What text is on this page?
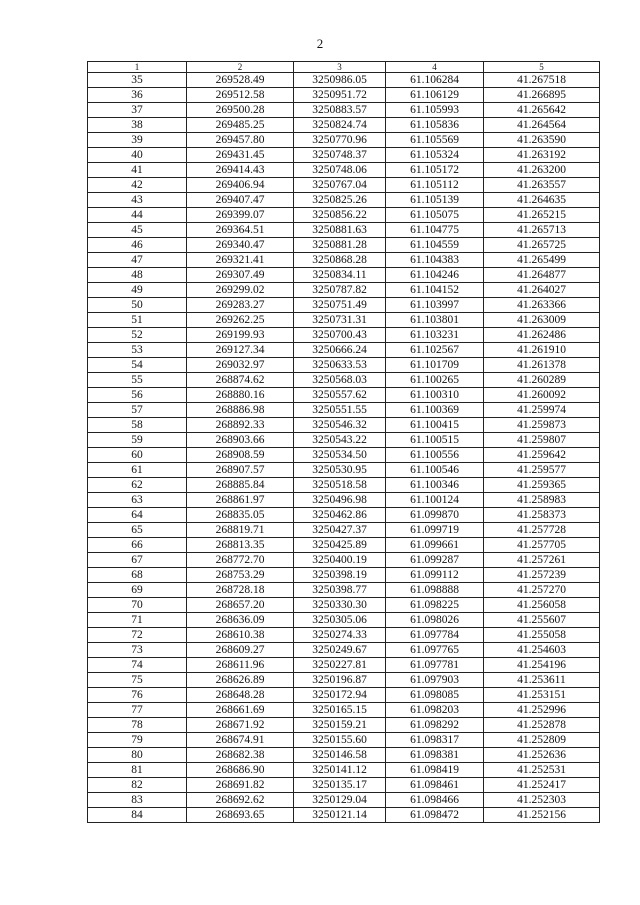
2
1	2	3	4	5
35	269528.49	3250986.05	61.106284	41.267518
36	269512.58	3250951.72	61.106129	41.266895
37	269500.28	3250883.57	61.105993	41.265642
38	269485.25	3250824.74	61.105836	41.264564
39	269457.80	3250770.96	61.105569	41.263590
40	269431.45	3250748.37	61.105324	41.263192
41	269414.43	3250748.06	61.105172	41.263200
42	269406.94	3250767.04	61.105112	41.263557
43	269407.47	3250825.26	61.105139	41.264635
44	269399.07	3250856.22	61.105075	41.265215
45	269364.51	3250881.63	61.104775	41.265713
46	269340.47	3250881.28	61.104559	41.265725
47	269321.41	3250868.28	61.104383	41.265499
48	269307.49	3250834.11	61.104246	41.264877
49	269299.02	3250787.82	61.104152	41.264027
50	269283.27	3250751.49	61.103997	41.263366
51	269262.25	3250731.31	61.103801	41.263009
52	269199.93	3250700.43	61.103231	41.262486
53	269127.34	3250666.24	61.102567	41.261910
54	269032.97	3250633.53	61.101709	41.261378
55	268874.62	3250568.03	61.100265	41.260289
56	268880.16	3250557.62	61.100310	41.260092
57	268886.98	3250551.55	61.100369	41.259974
58	268892.33	3250546.32	61.100415	41.259873
59	268903.66	3250543.22	61.100515	41.259807
60	268908.59	3250534.50	61.100556	41.259642
61	268907.57	3250530.95	61.100546	41.259577
62	268885.84	3250518.58	61.100346	41.259365
63	268861.97	3250496.98	61.100124	41.258983
64	268835.05	3250462.86	61.099870	41.258373
65	268819.71	3250427.37	61.099719	41.257728
66	268813.35	3250425.89	61.099661	41.257705
67	268772.70	3250400.19	61.099287	41.257261
68	268753.29	3250398.19	61.099112	41.257239
69	268728.18	3250398.77	61.098888	41.257270
70	268657.20	3250330.30	61.098225	41.256058
71	268636.09	3250305.06	61.098026	41.255607
72	268610.38	3250274.33	61.097784	41.255058
73	268609.27	3250249.67	61.097765	41.254603
74	268611.96	3250227.81	61.097781	41.254196
75	268626.89	3250196.87	61.097903	41.253611
76	268648.28	3250172.94	61.098085	41.253151
77	268661.69	3250165.15	61.098203	41.252996
78	268671.92	3250159.21	61.098292	41.252878
79	268674.91	3250155.60	61.098317	41.252809
80	268682.38	3250146.58	61.098381	41.252636
81	268686.90	3250141.12	61.098419	41.252531
82	268691.82	3250135.17	61.098461	41.252417
83	268692.62	3250129.04	61.098466	41.252303
84	268693.65	3250121.14	61.098472	41.252156
